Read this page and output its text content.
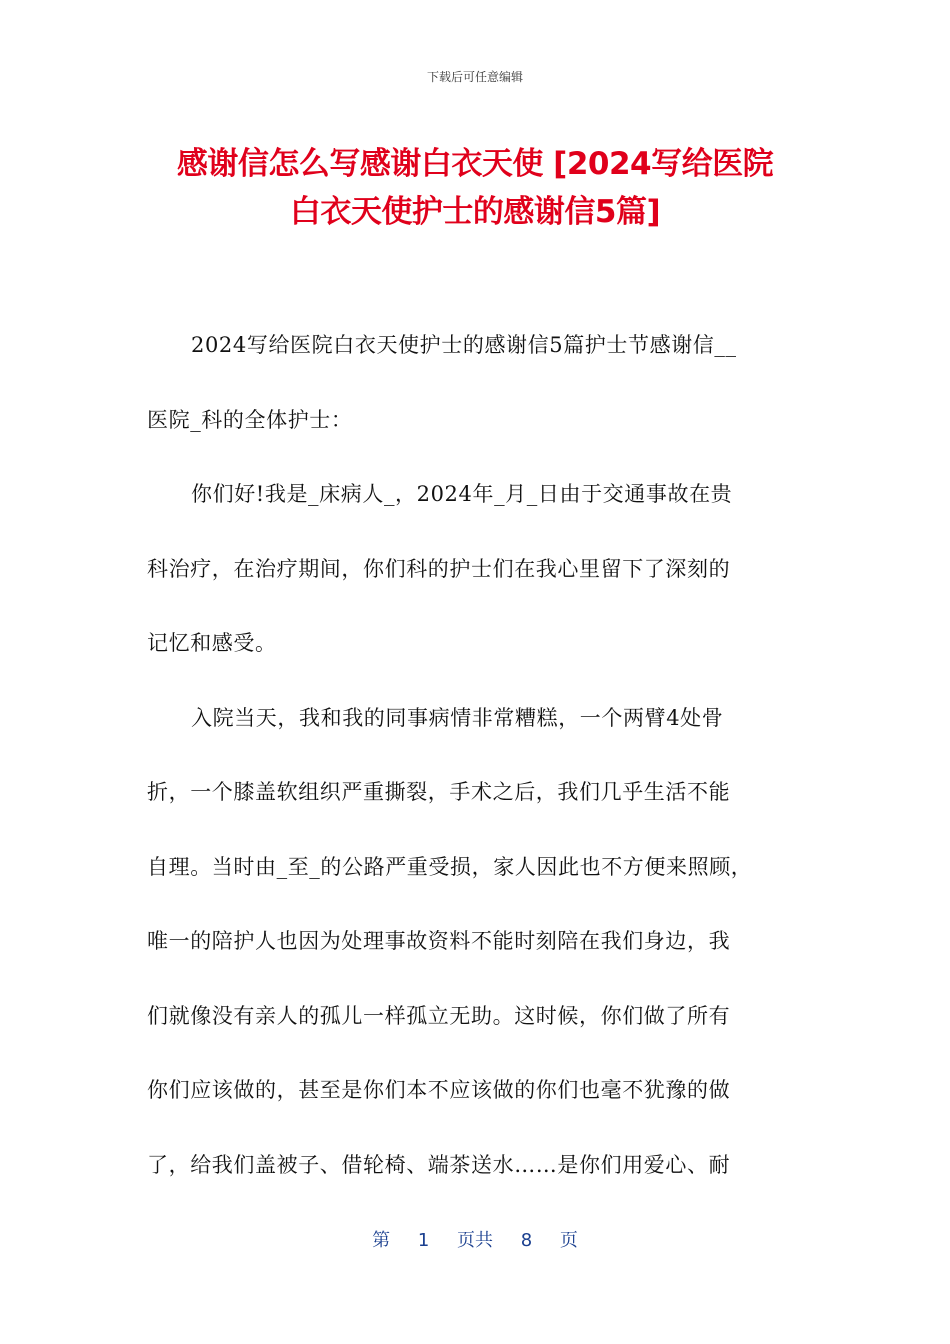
下载后可任意编辑
感谢信怎么写感谢白衣天使 [2024写给医院
白衣天使护士的感谢信5篇]
2024写给医院白衣天使护士的感谢信5篇护士节感谢信__
医院_科的全体护士：
你们好!我是_床病人_，2024年_月_日由于交通事故在贵
科治疗，在治疗期间，你们科的护士们在我心里留下了深刻的
记忆和感受。
入院当天，我和我的同事病情非常糟糕，一个两臂4处骨
折，一个膝盖软组织严重撕裂，手术之后，我们几乎生活不能
自理。当时由_至_的公路严重受损，家人因此也不方便来照顾，
唯一的陪护人也因为处理事故资料不能时刻陪在我们身边，我
们就像没有亲人的孤儿一样孤立无助。这时候，你们做了所有
你们应该做的，甚至是你们本不应该做的你们也毫不犹豫的做
了，给我们盖被子、借轮椅、端茶送水……是你们用爱心、耐
第 1 页共 8 页
